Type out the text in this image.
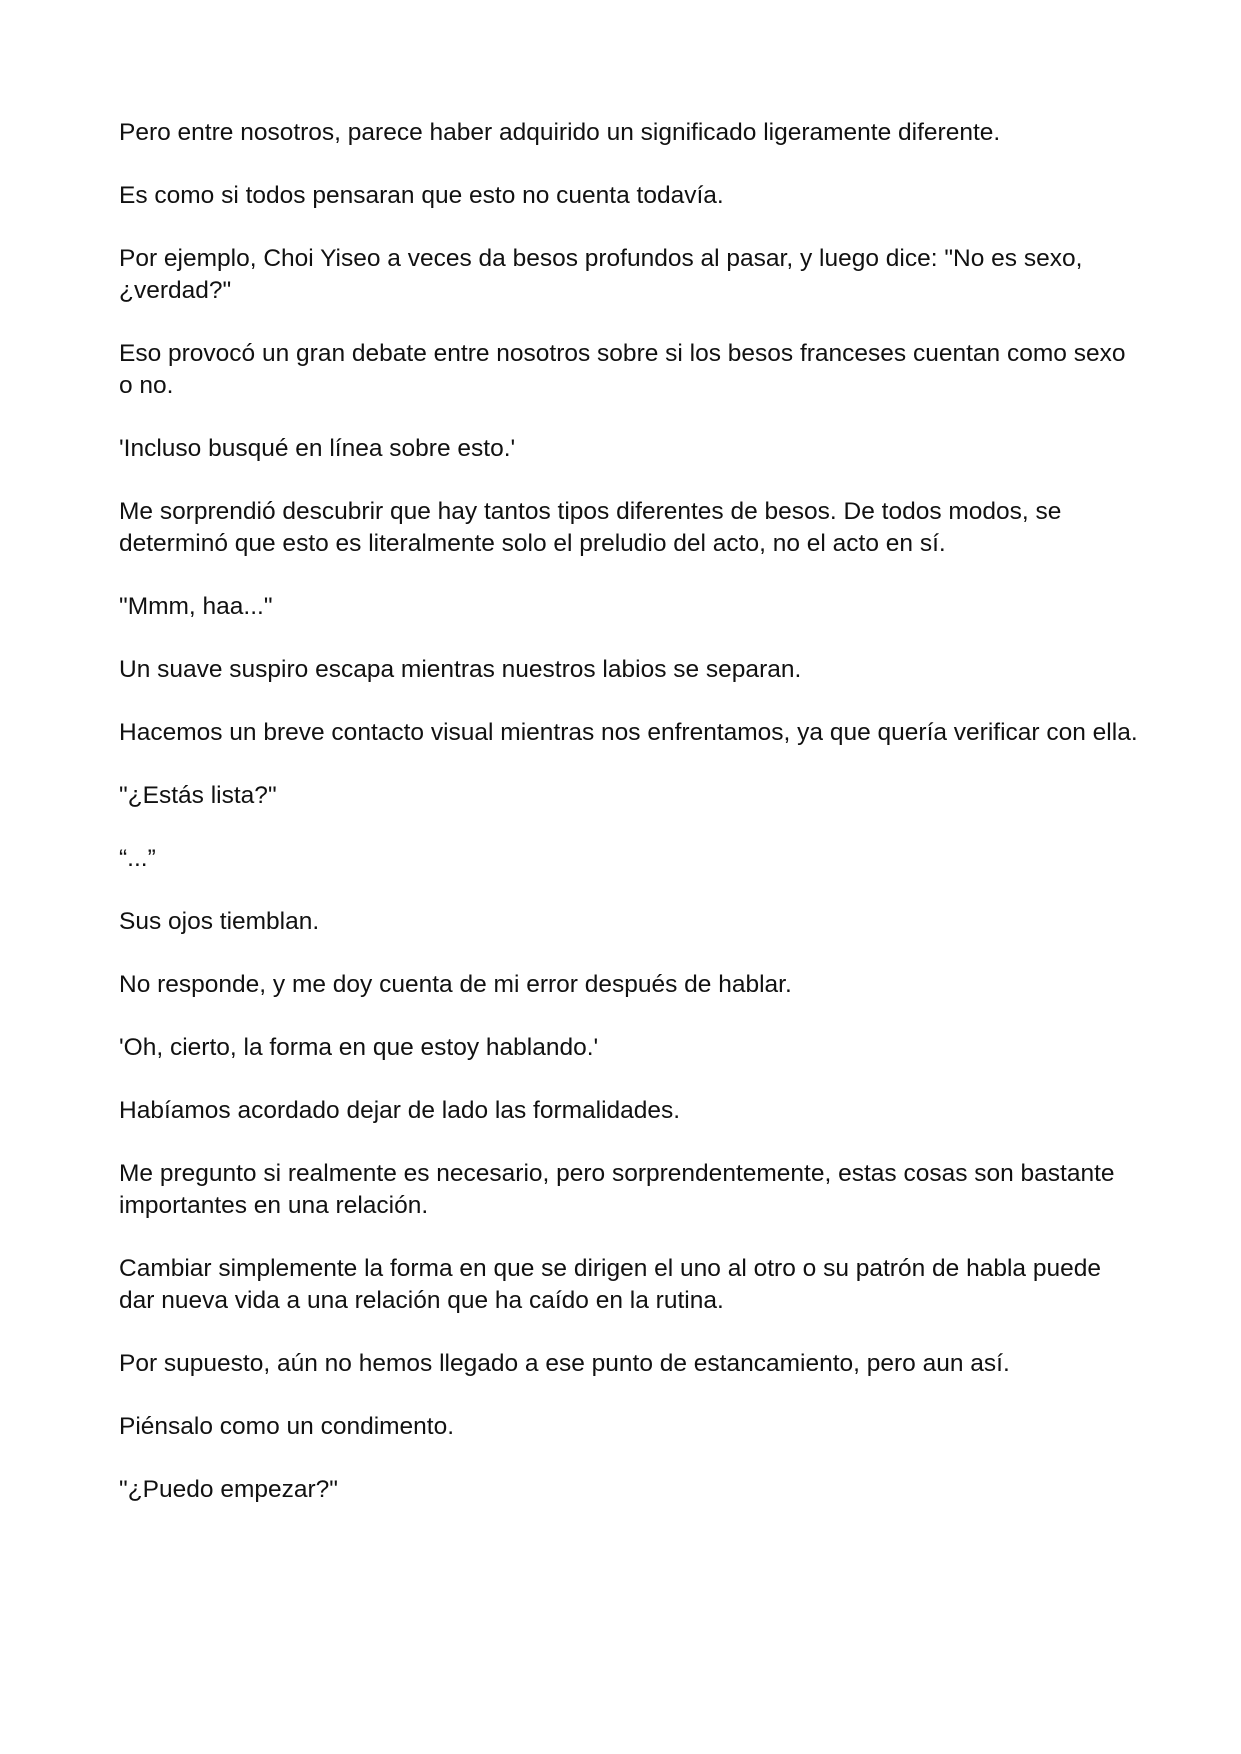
Pero entre nosotros, parece haber adquirido un significado ligeramente diferente.

Es como si todos pensaran que esto no cuenta todavía.

Por ejemplo, Choi Yiseo a veces da besos profundos al pasar, y luego dice: "No es sexo, ¿verdad?"

Eso provocó un gran debate entre nosotros sobre si los besos franceses cuentan como sexo o no.

'Incluso busqué en línea sobre esto.'

Me sorprendió descubrir que hay tantos tipos diferentes de besos. De todos modos, se determinó que esto es literalmente solo el preludio del acto, no el acto en sí.

"Mmm, haa..."

Un suave suspiro escapa mientras nuestros labios se separan.

Hacemos un breve contacto visual mientras nos enfrentamos, ya que quería verificar con ella.

"¿Estás lista?"

“...”

Sus ojos tiemblan.

No responde, y me doy cuenta de mi error después de hablar.

'Oh, cierto, la forma en que estoy hablando.'

Habíamos acordado dejar de lado las formalidades.

Me pregunto si realmente es necesario, pero sorprendentemente, estas cosas son bastante importantes en una relación.

Cambiar simplemente la forma en que se dirigen el uno al otro o su patrón de habla puede dar nueva vida a una relación que ha caído en la rutina.

Por supuesto, aún no hemos llegado a ese punto de estancamiento, pero aun así.

Piénsalo como un condimento.

"¿Puedo empezar?"
